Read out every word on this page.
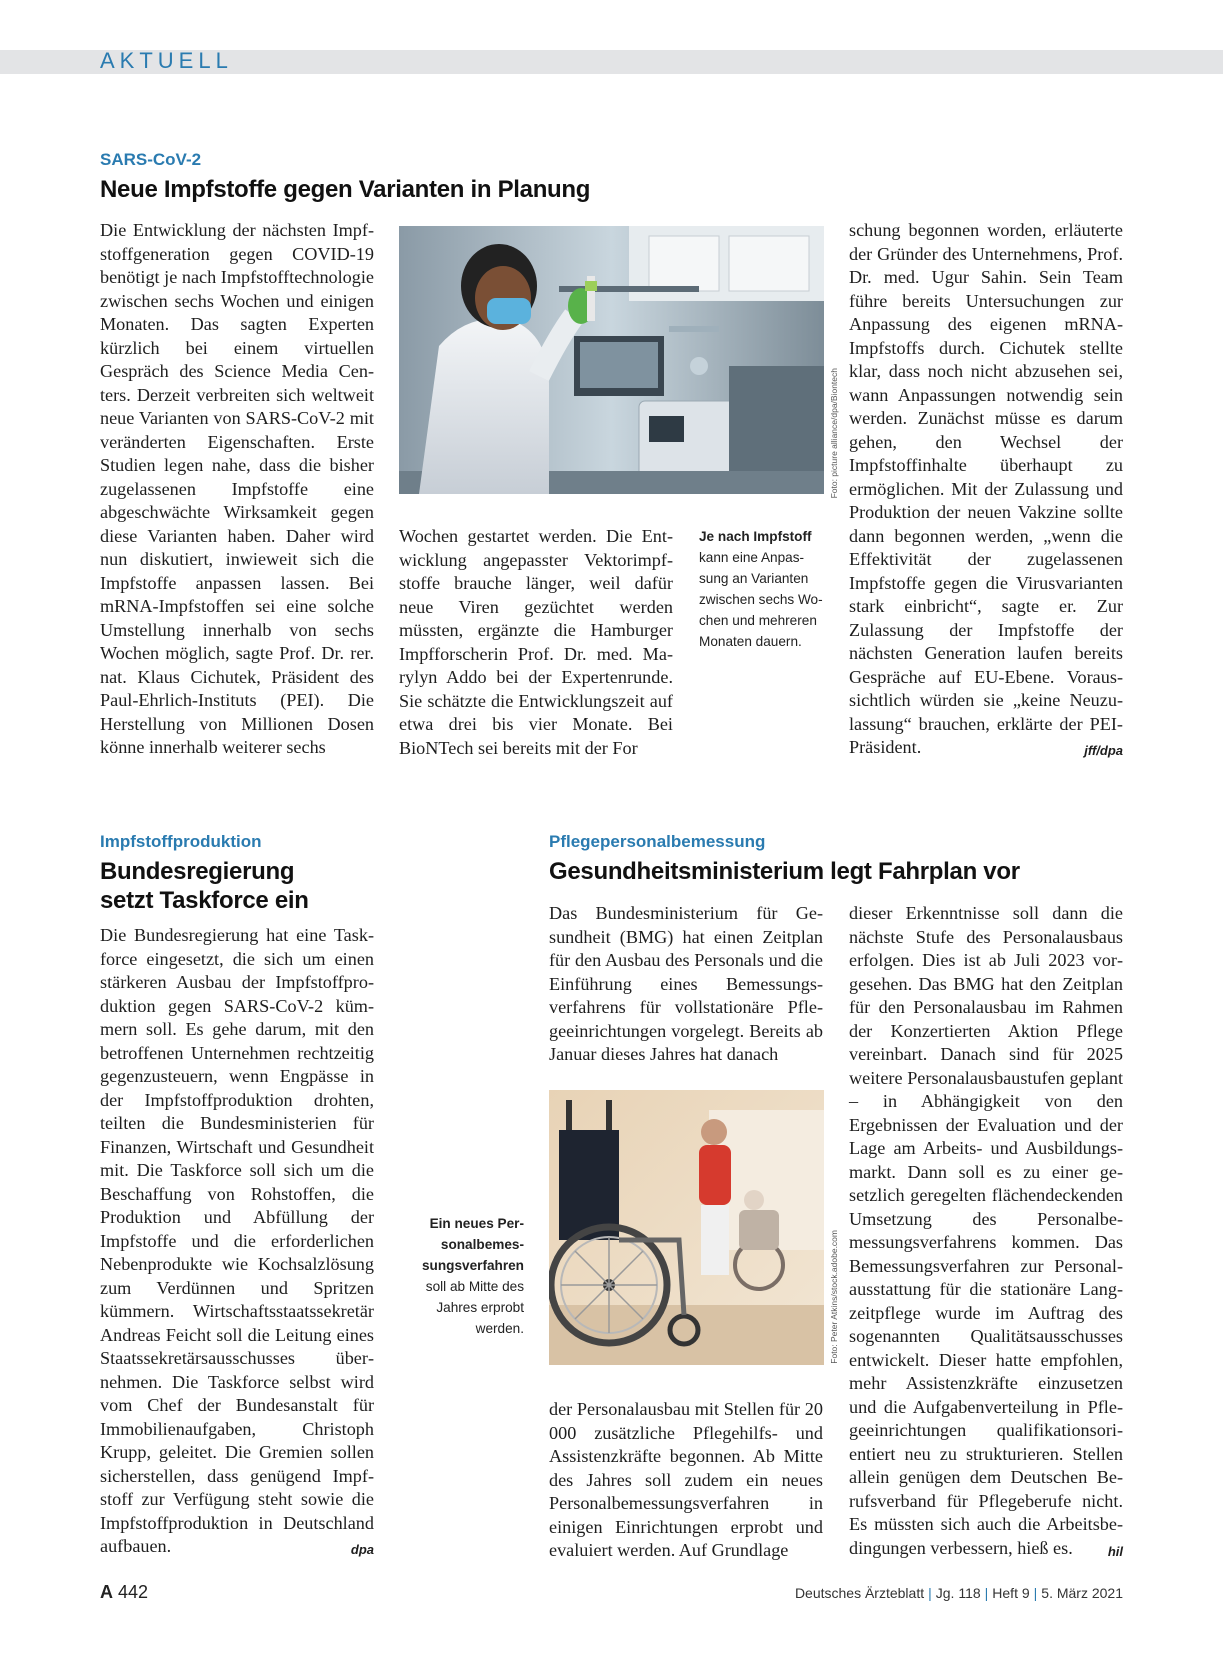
AKTUELL
SARS-CoV-2
Neue Impfstoffe gegen Varianten in Planung
Die Entwicklung der nächsten Impfstoffgeneration gegen COVID-19 benötigt je nach Impfstofftechnologie zwischen sechs Wochen und einigen Monaten. Das sagten Experten kürzlich bei einem virtuellen Gespräch des Science Media Centers. Derzeit verbreiten sich weltweit neue Varianten von SARS-CoV-2 mit veränderten Eigenschaften. Erste Studien legen nahe, dass die bisher zugelassenen Impfstoffe eine abgeschwächte Wirksamkeit gegen diese Varianten haben. Daher wird nun diskutiert, inwieweit sich die Impfstoffe anpassen lassen. Bei mRNA-Impfstoffen sei eine solche Umstellung innerhalb von sechs Wochen möglich, sagte Prof. Dr. rer. nat. Klaus Cichutek, Präsident des Paul-Ehrlich-Instituts (PEI). Die Herstellung von Millionen Dosen könne innerhalb weiterer sechs
Foto: picture alliance/dpa/Biontech
Wochen gestartet werden. Die Entwicklung angepasster Vektorimpfstoffe brauche länger, weil dafür neue Viren gezüchtet werden müssten, ergänzte die Hamburger Impfforscherin Prof. Dr. med. Marylyn Addo bei der Expertenrunde. Sie schätzte die Entwicklungszeit auf etwa drei bis vier Monate. Bei BioNTech sei bereits mit der For
Je nach Impfstoff
kann eine Anpassung an Varianten zwischen sechs Wochen und mehreren Monaten dauern.
schung begonnen worden, erläuterte der Gründer des Unternehmens, Prof. Dr. med. Ugur Sahin. Sein Team führe bereits Untersuchungen zur Anpassung des eigenen mRNA-Impfstoffs durch. Cichutek stellte klar, dass noch nicht abzusehen sei, wann Anpassungen notwendig sein werden. Zunächst müsse es darum gehen, den Wechsel der Impfstoffinhalte überhaupt zu ermöglichen. Mit der Zulassung und Produktion der neuen Vakzine sollte dann begonnen werden, „wenn die Effektivität der zugelassenen Impfstoffe gegen die Virusvarianten stark einbricht“, sagte er. Zur Zulassung der Impfstoffe der nächsten Generation laufen bereits Gespräche auf EU-Ebene. Voraussichtlich würden sie „keine Neuzulassung“ brauchen, erklärte der PEI-Präsident.	jff/dpa
Impfstoffproduktion
Bundesregierung
setzt Taskforce ein
Die Bundesregierung hat eine Taskforce eingesetzt, die sich um einen stärkeren Ausbau der Impfstoffproduktion gegen SARS-CoV-2 kümmern soll. Es gehe darum, mit den betroffenen Unternehmen rechtzeitig gegenzusteuern, wenn Engpässe in der Impfstoffproduktion drohten, teilten die Bundesministerien für Finanzen, Wirtschaft und Gesundheit mit. Die Taskforce soll sich um die Beschaffung von Rohstoffen, die Produktion und Abfüllung der Impfstoffe und die erforderlichen Nebenprodukte wie Kochsalzlösung zum Verdünnen und Spritzen kümmern. Wirtschaftsstaatssekretär Andreas Feicht soll die Leitung eines Staatssekretärsausschusses übernehmen. Die Taskforce selbst wird vom Chef der Bundesanstalt für Immobilienaufgaben, Christoph Krupp, geleitet. Die Gremien sollen sicherstellen, dass genügend Impfstoff zur Verfügung steht sowie die Impfstoffproduktion in Deutschland aufbauen.	dpa
Pflegepersonalbemessung
Gesundheitsministerium legt Fahrplan vor
Das Bundesministerium für Gesundheit (BMG) hat einen Zeitplan für den Ausbau des Personals und die Einführung eines Bemessungsverfahrens für vollstationäre Pflegeeinrichtungen vorgelegt. Bereits ab Januar dieses Jahres hat danach
Foto: Peter Atkins/stock.adobe.com
Ein neues Personalbemessungsverfahren
soll ab Mitte des Jahres erprobt werden.
der Personalausbau mit Stellen für 20 000 zusätzliche Pflegehilfs- und Assistenzkräfte begonnen. Ab Mitte des Jahres soll zudem ein neues Personalbemessungsverfahren in einigen Einrichtungen erprobt und evaluiert werden. Auf Grundlage
dieser Erkenntnisse soll dann die nächste Stufe des Personalausbaus erfolgen. Dies ist ab Juli 2023 vorgesehen. Das BMG hat den Zeitplan für den Personalausbau im Rahmen der Konzertierten Aktion Pflege vereinbart. Danach sind für 2025 weitere Personalausbaustufen geplant – in Abhängigkeit von den Ergebnissen der Evaluation und der Lage am Arbeits- und Ausbildungsmarkt. Dann soll es zu einer gesetzlich geregelten flächendeckenden Umsetzung des Personalbemessungsverfahrens kommen. Das Bemessungsverfahren zur Personalausstattung für die stationäre Langzeitpflege wurde im Auftrag des sogenannten Qualitätsausschusses entwickelt. Dieser hatte empfohlen, mehr Assistenzkräfte einzusetzen und die Aufgabenverteilung in Pflegeeinrichtungen qualifikationsorientiert neu zu strukturieren. Stellen allein genügen dem Deutschen Berufsverband für Pflegeberufe nicht. Es müssten sich auch die Arbeitsbedingungen verbessern, hieß es.	hil
A 442	Deutsches Ärzteblatt | Jg. 118 | Heft 9 | 5. März 2021
